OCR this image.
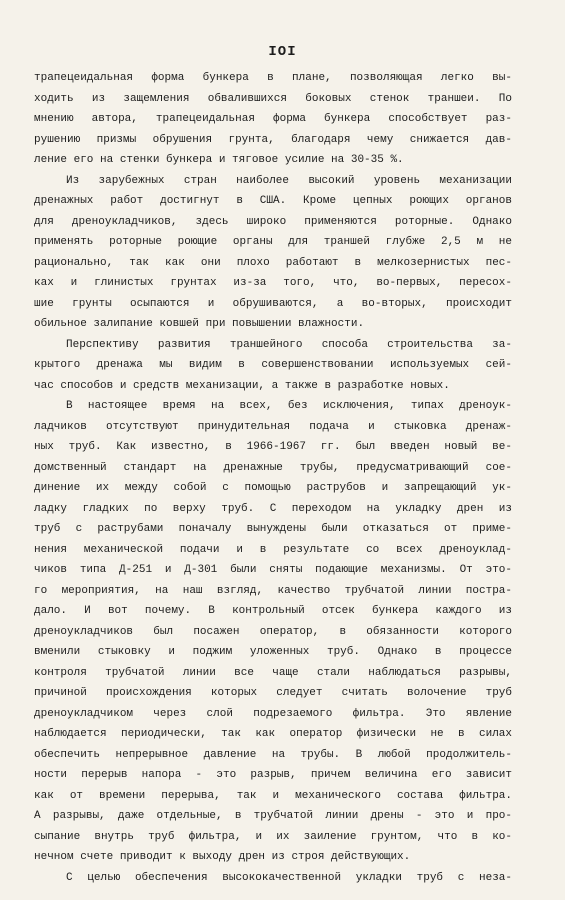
IOI
трапецеидальная форма бункера в плане, позволяющая легко вы-
ходить из защемления обвалившихся боковых стенок траншеи. По
мнению автора, трапецеидальная форма бункера способствует раз-
рушению призмы обрушения грунта, благодаря чему снижается дав-
ление его на стенки бункера и тяговое усилие на 30-35 %.
Из зарубежных стран наиболее высокий уровень механизации
дренажных работ достигнут в США. Кроме цепных роющих органов
для дреноукладчиков, здесь широко применяются роторные. Однако
применять роторные роющие органы для траншей глубже 2,5 м не
рационально, так как они плохо работают в мелкозернистых пес-
ках и глинистых грунтах из-за того, что, во-первых, пересох-
шие грунты осыпаются и обрушиваются, а во-вторых, происходит
обильное залипание ковшей при повышении влажности.
Перспективу развития траншейного способа строительства за-
крытого дренажа мы видим в совершенствовании используемых сей-
час способов и средств механизации, а также в разработке новых.
В настоящее время на всех, без исключения, типах дреноук-
ладчиков отсутствуют принудительная подача и стыковка дренаж-
ных труб. Как известно, в 1966-1967 гг. был введен новый ве-
домственный стандарт на дренажные трубы, предусматривающий сое-
динение их между собой с помощью раструбов и запрещающий ук-
ладку гладких по верху труб. С переходом на укладку дрен из
труб с раструбами поначалу вынуждены были отказаться от приме-
нения механической подачи и в результате со всех дреноуклад-
чиков типа Д-251 и Д-301 были сняты подающие механизмы. От это-
го мероприятия, на наш взгляд, качество трубчатой линии постра-
дало. И вот почему. В контрольный отсек бункера каждого из
дреноукладчиков был посажен оператор, в обязанности которого
вменили стыковку и поджим уложенных труб. Однако в процессе
контроля трубчатой линии все чаще стали наблюдаться разрывы,
причиной происхождения которых следует считать волочение труб
дреноукладчиком через слой подрезаемого фильтра. Это явление
наблюдается периодически, так как оператор физически не в силах
обеспечить непрерывное давление на трубы. В любой продолжитель-
ности перерыв напора - это разрыв, причем величина его зависит
как от времени перерыва, так и механического состава фильтра.
А разрывы, даже отдельные, в трубчатой линии дрены - это и про-
сыпание внутрь труб фильтра, и их заиление грунтом, что в ко-
нечном счете приводит к выходу дрен из строя действующих.
С целью обеспечения высококачественной укладки труб с неза-
